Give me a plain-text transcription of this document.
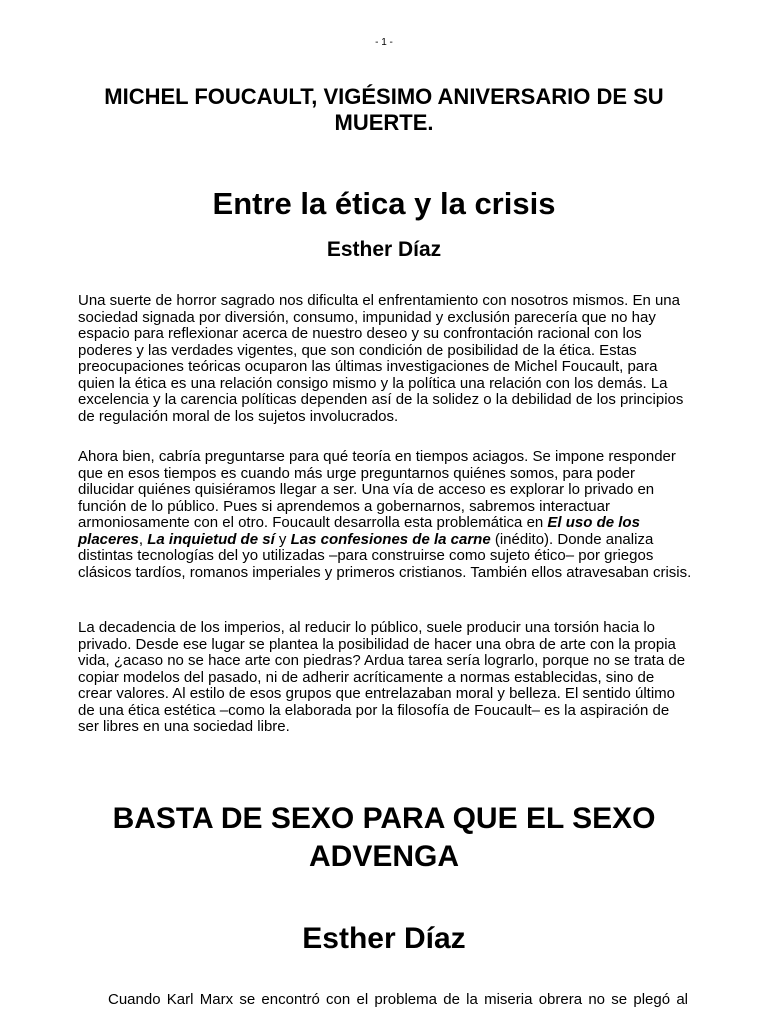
- 1 -
MICHEL FOUCAULT, VIGÉSIMO ANIVERSARIO DE SU MUERTE.
Entre la ética y la crisis
Esther Díaz

Una suerte de horror sagrado nos dificulta el enfrentamiento con nosotros mismos. En una sociedad signada por diversión, consumo, impunidad y exclusión parecería que no hay espacio para reflexionar acerca de nuestro deseo y su confrontación racional con los poderes y las verdades vigentes, que son condición de posibilidad de la ética. Estas preocupaciones teóricas ocuparon las últimas investigaciones de Michel Foucault, para quien la ética es una relación consigo mismo y la política una relación con los demás. La excelencia y la carencia políticas dependen así de la solidez o la debilidad de los principios de regulación moral de los sujetos involucrados.

Ahora bien, cabría preguntarse para qué teoría en tiempos aciagos. Se impone responder que en esos tiempos es cuando más urge preguntarnos quiénes somos, para poder dilucidar quiénes quisiéramos llegar a ser. Una vía de acceso es explorar lo privado en función de lo público. Pues si aprendemos a gobernarnos, sabremos interactuar armoniosamente con el otro. Foucault desarrolla esta problemática en El uso de los placeres, La inquietud de sí y Las confesiones de la carne (inédito). Donde analiza distintas tecnologías del yo utilizadas –para construirse como sujeto ético– por griegos clásicos tardíos, romanos imperiales y primeros cristianos. También ellos atravesaban crisis.

La decadencia de los imperios, al reducir lo público, suele producir una torsión hacia lo privado. Desde ese lugar se plantea la posibilidad de hacer una obra de arte con la propia vida, ¿acaso no se hace arte con piedras? Ardua tarea sería lograrlo, porque no se trata de copiar modelos del pasado, ni de adherir acríticamente a normas establecidas, sino de crear valores. Al estilo de esos grupos que entrelazaban moral y belleza. El sentido último de una ética estética –como la elaborada por la filosofía de Foucault– es la aspiración de ser libres en una sociedad libre.

BASTA DE SEXO PARA QUE EL SEXO ADVENGA
Esther Díaz

Cuando Karl Marx se encontró con el problema de la miseria obrera no se plegó al
